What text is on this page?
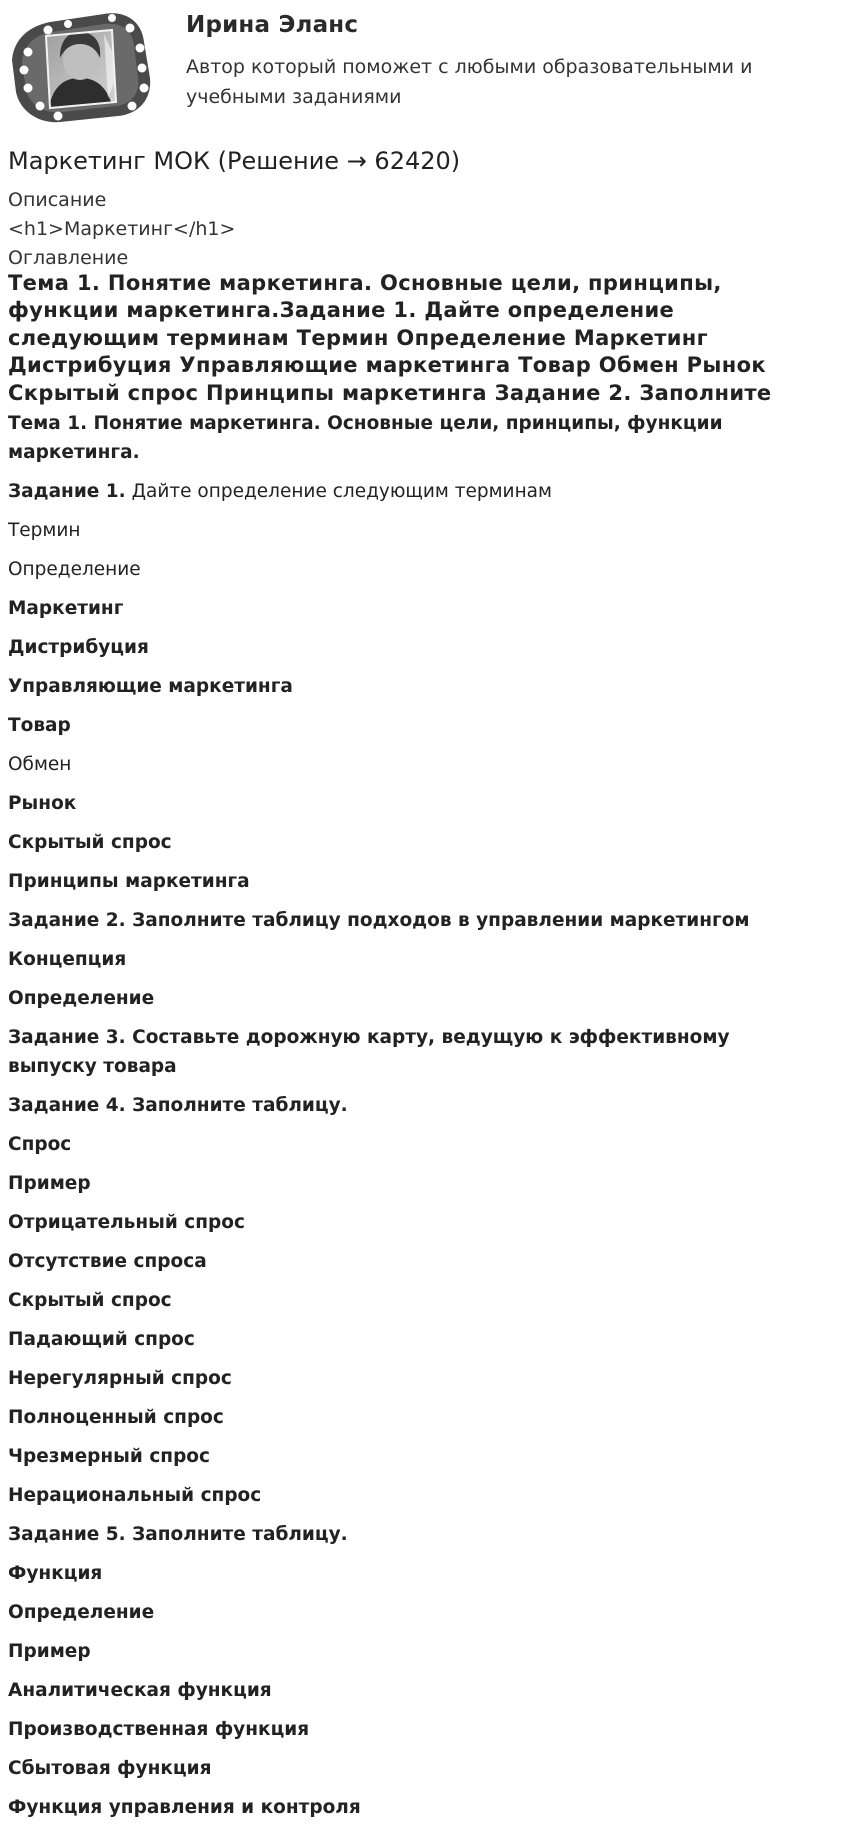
Ирина Эланс
Автор который поможет с любыми образовательными и учебными заданиями
Маркетинг МОК (Решение → 62420)
Описание
<h1>Маркетинг</h1>
Оглавление
Тема 1. Понятие маркетинга. Основные цели, принципы,
функции маркетинга.Задание 1. Дайте определение
следующим терминам Термин Определение Маркетинг
Дистрибуция Управляющие маркетинга Товар Обмен Рынок
Скрытый спрос Принципы маркетинга Задание 2. Заполните

Тема 1. Понятие маркетинга. Основные цели, принципы, функции маркетинга.

Задание 1. Дайте определение следующим терминам

Термин

Определение

Маркетинг

Дистрибуция

Управляющие маркетинга

Товар

Обмен

Рынок

Скрытый спрос

Принципы маркетинга

Задание 2. Заполните таблицу подходов в управлении маркетингом

Концепция

Определение

Задание 3. Составьте дорожную карту, ведущую к эффективному выпуску товара

Задание 4. Заполните таблицу.

Спрос

Пример

Отрицательный спрос

Отсутствие спроса

Скрытый спрос

Падающий спрос

Нерегулярный спрос

Полноценный спрос

Чрезмерный спрос

Нерациональный спрос

Задание 5. Заполните таблицу.

Функция

Определение

Пример

Аналитическая функция

Производственная функция

Сбытовая функция

Функция управления и контроля
